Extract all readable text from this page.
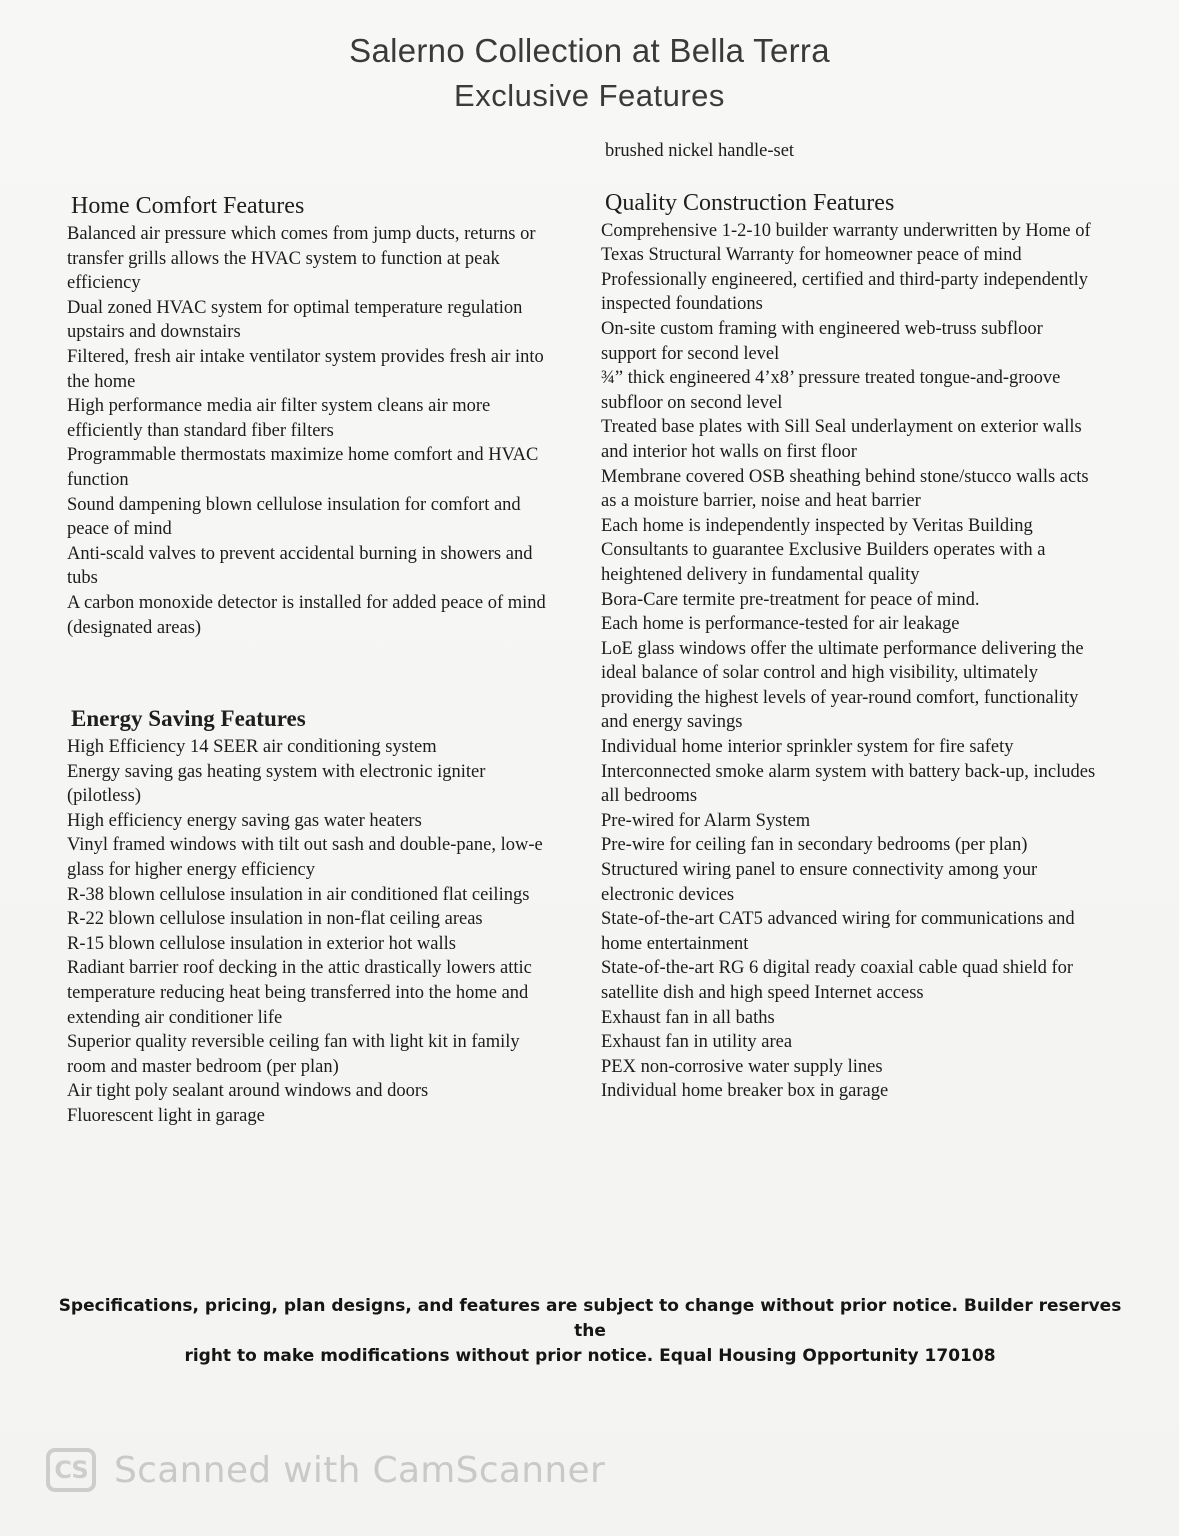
Salerno Collection at Bella Terra
Exclusive Features
Home Comfort Features
Balanced air pressure which comes from jump ducts, returns or transfer grills allows the HVAC system to function at peak efficiency
Dual zoned HVAC system for optimal temperature regulation upstairs and downstairs
Filtered, fresh air intake ventilator system provides fresh air into the home
High performance media air filter system cleans air more efficiently than standard fiber filters
Programmable thermostats maximize home comfort and HVAC function
Sound dampening blown cellulose insulation for comfort and peace of mind
Anti-scald valves to prevent accidental burning in showers and tubs
A carbon monoxide detector is installed for added peace of mind (designated areas)
Energy Saving Features
High Efficiency 14 SEER air conditioning system
Energy saving gas heating system with electronic igniter (pilotless)
High efficiency energy saving gas water heaters
Vinyl framed windows with tilt out sash and double-pane, low-e glass for higher energy efficiency
R-38 blown cellulose insulation in air conditioned flat ceilings
R-22 blown cellulose insulation in non-flat ceiling areas
R-15 blown cellulose insulation in exterior hot walls
Radiant barrier roof decking in the attic drastically lowers attic temperature reducing heat being transferred into the home and extending air conditioner life
Superior quality reversible ceiling fan with light kit in family room and master bedroom (per plan)
Air tight poly sealant around windows and doors
Fluorescent light in garage
brushed nickel handle-set
Quality Construction Features
Comprehensive 1-2-10 builder warranty underwritten by Home of Texas Structural Warranty for homeowner peace of mind
Professionally engineered, certified and third-party independently inspected foundations
On-site custom framing with engineered web-truss subfloor support for second level
¾” thick engineered 4’x8’ pressure treated tongue-and-groove subfloor on second level
Treated base plates with Sill Seal underlayment on exterior walls and interior hot walls on first floor
Membrane covered OSB sheathing behind stone/stucco walls acts as a moisture barrier, noise and heat barrier
Each home is independently inspected by Veritas Building Consultants to guarantee Exclusive Builders operates with a heightened delivery in fundamental quality
Bora-Care termite pre-treatment for peace of mind.
Each home is performance-tested for air leakage
LoE glass windows offer the ultimate performance delivering the ideal balance of solar control and high visibility, ultimately providing the highest levels of year-round comfort, functionality and energy savings
Individual home interior sprinkler system for fire safety
Interconnected smoke alarm system with battery back-up, includes all bedrooms
Pre-wired for Alarm System
Pre-wire for ceiling fan in secondary bedrooms (per plan)
Structured wiring panel to ensure connectivity among your electronic devices
State-of-the-art CAT5 advanced wiring for communications and home entertainment
State-of-the-art RG 6 digital ready coaxial cable quad shield for satellite dish and high speed Internet access
Exhaust fan in all baths
Exhaust fan in utility area
PEX non-corrosive water supply lines
Individual home breaker box in garage
Specifications, pricing, plan designs, and features are subject to change without prior notice. Builder reserves the
right to make modifications without prior notice. Equal Housing Opportunity 170108
CS Scanned with CamScanner
